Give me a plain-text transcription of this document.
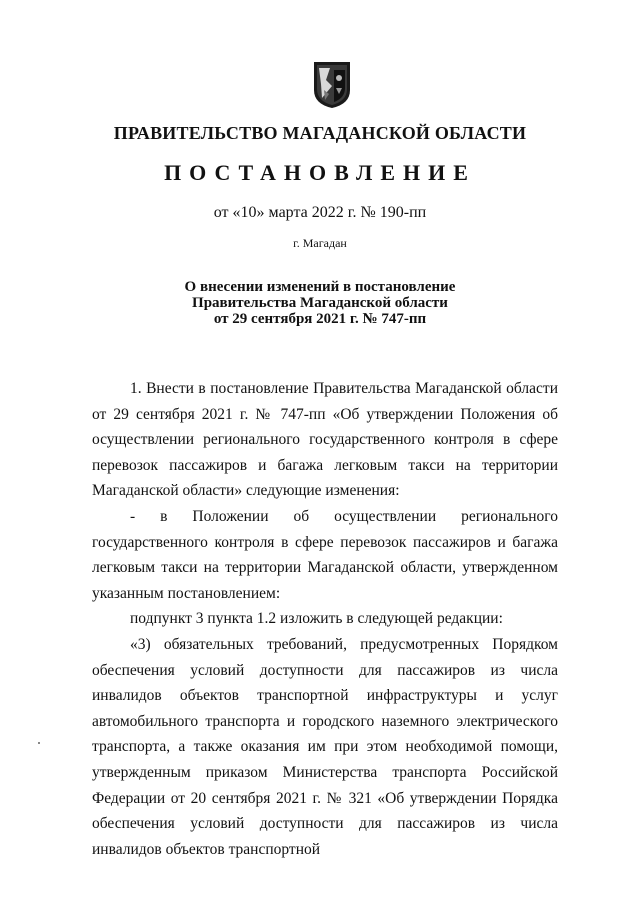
ПРАВИТЕЛЬСТВО МАГАДАНСКОЙ ОБЛАСТИ
ПОСТАНОВЛЕНИЕ
от «10» марта 2022 г. № 190-пп
г. Магадан
О внесении изменений в постановление
Правительства Магаданской области
от 29 сентября 2021 г. № 747-пп

1. Внести в постановление Правительства Магаданской области от 29 сентября 2021 г. № 747-пп «Об утверждении Положения об осуществлении регионального государственного контроля в сфере перевозок пассажиров и багажа легковым такси на территории Магаданской области» следующие изменения:

- в Положении об осуществлении регионального государственного контроля в сфере перевозок пассажиров и багажа легковым такси на территории Магаданской области, утвержденном указанным постановлением:

подпункт 3 пункта 1.2 изложить в следующей редакции:

«3) обязательных требований, предусмотренных Порядком обеспечения условий доступности для пассажиров из числа инвалидов объектов транспортной инфраструктуры и услуг автомобильного транспорта и городского наземного электрического транспорта, а также оказания им при этом необходимой помощи, утвержденным приказом Министерства транспорта Российской Федерации от 20 сентября 2021 г. № 321 «Об утверждении Порядка обеспечения условий доступности для пассажиров из числа инвалидов объектов транспортной
